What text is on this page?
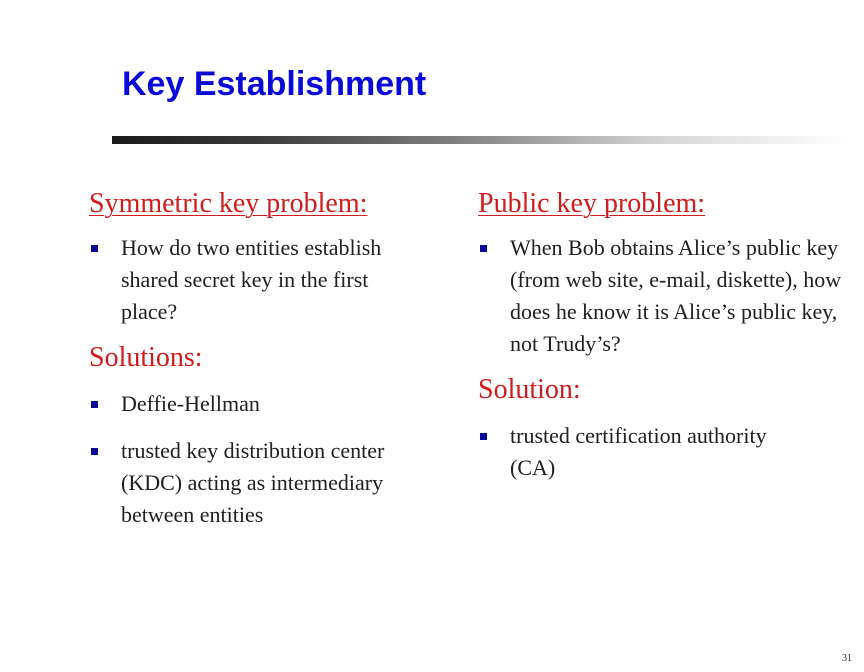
Key Establishment
Symmetric key problem:
How do two entities establish shared secret key in the first place?
Solutions:
Deffie-Hellman
trusted key distribution center (KDC) acting as intermediary between entities
Public key problem:
When Bob obtains Alice’s public key (from web site, e-mail, diskette), how does he know it is Alice’s public key, not Trudy’s?
Solution:
trusted certification authority (CA)
31
